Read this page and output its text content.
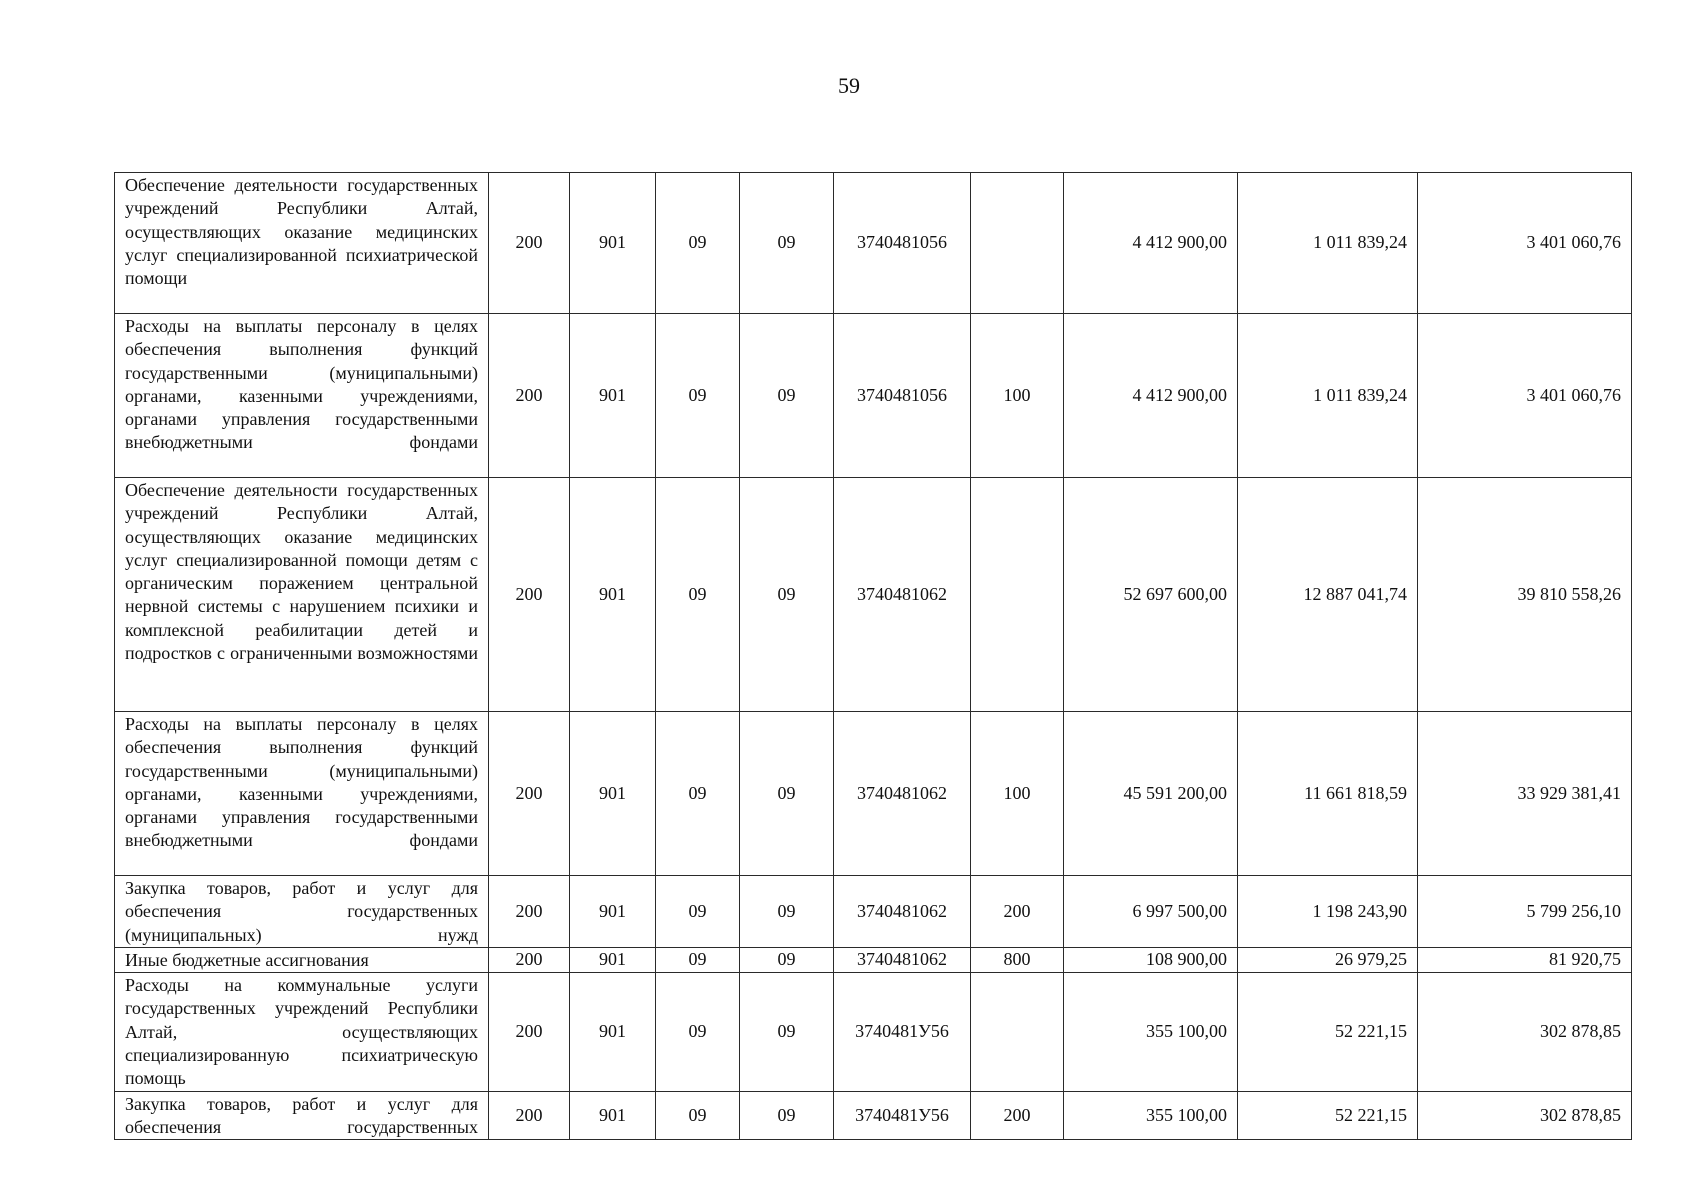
59
Обеспечение деятельности государственных учреждений Республики Алтай, осуществляющих оказание медицинских услуг специализированной психиатрической помощи	200	901	09	09	3740481056		4 412 900,00	1 011 839,24	3 401 060,76
Расходы на выплаты персоналу в целях обеспечения выполнения функций государственными (муниципальными) органами, казенными учреждениями, органами управления государственными внебюджетными фондами	200	901	09	09	3740481056	100	4 412 900,00	1 011 839,24	3 401 060,76
Обеспечение деятельности государственных учреждений Республики Алтай, осуществляющих оказание медицинских услуг специализированной помощи детям с органическим поражением центральной нервной системы с нарушением психики и комплексной реабилитации детей и подростков с ограниченными возможностями	200	901	09	09	3740481062		52 697 600,00	12 887 041,74	39 810 558,26
Расходы на выплаты персоналу в целях обеспечения выполнения функций государственными (муниципальными) органами, казенными учреждениями, органами управления государственными внебюджетными фондами	200	901	09	09	3740481062	100	45 591 200,00	11 661 818,59	33 929 381,41
Закупка товаров, работ и услуг для обеспечения государственных (муниципальных) нужд	200	901	09	09	3740481062	200	6 997 500,00	1 198 243,90	5 799 256,10
Иные бюджетные ассигнования	200	901	09	09	3740481062	800	108 900,00	26 979,25	81 920,75
Расходы на коммунальные услуги государственных учреждений Республики Алтай, осуществляющих специализированную психиатрическую помощь	200	901	09	09	3740481У56		355 100,00	52 221,15	302 878,85
Закупка товаров, работ и услуг для обеспечения государственных	200	901	09	09	3740481У56	200	355 100,00	52 221,15	302 878,85
